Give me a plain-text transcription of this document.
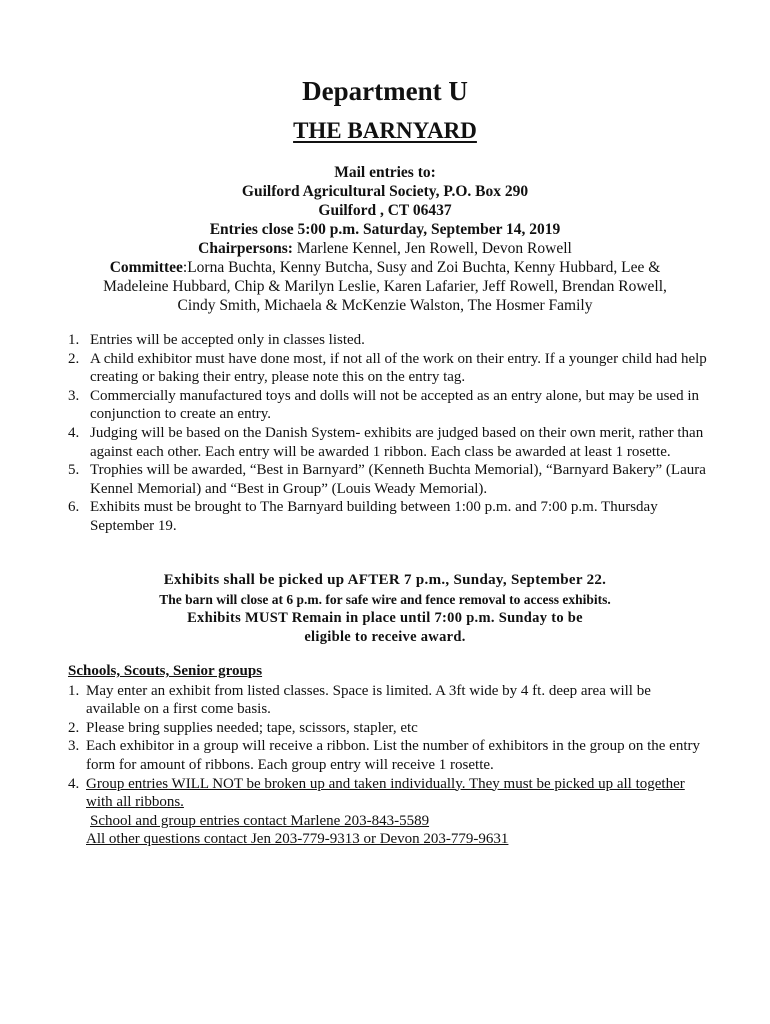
Department U
THE BARNYARD
Mail entries to:
Guilford Agricultural Society, P.O. Box 290
Guilford , CT 06437
Entries close 5:00 p.m. Saturday, September 14, 2019
Chairpersons: Marlene Kennel, Jen Rowell, Devon Rowell
Committee:Lorna Buchta, Kenny Butcha, Susy and Zoi Buchta, Kenny Hubbard, Lee &
Madeleine Hubbard, Chip & Marilyn Leslie, Karen Lafarier, Jeff Rowell, Brendan Rowell,
Cindy Smith, Michaela & McKenzie Walston, The Hosmer Family
1. Entries will be accepted only in classes listed.
2. A child exhibitor must have done most, if not all of the work on their entry. If a younger child had help creating or baking their entry, please note this on the entry tag.
3. Commercially manufactured toys and dolls will not be accepted as an entry alone, but may be used in conjunction to create an entry.
4. Judging will be based on the Danish System- exhibits are judged based on their own merit, rather than against each other. Each entry will be awarded 1 ribbon. Each class be awarded at least 1 rosette.
5. Trophies will be awarded, “Best in Barnyard” (Kenneth Buchta Memorial), “Barnyard Bakery” (Laura Kennel Memorial) and “Best in Group” (Louis Weady Memorial).
6. Exhibits must be brought to The Barnyard building between 1:00 p.m. and 7:00 p.m. Thursday September 19.
Exhibits shall be picked up AFTER 7 p.m., Sunday, September 22.
The barn will close at 6 p.m. for safe wire and fence removal to access exhibits.
Exhibits MUST Remain in place until 7:00 p.m. Sunday to be
eligible to receive award.
Schools, Scouts, Senior groups
1. May enter an exhibit from listed classes. Space is limited. A 3ft wide by 4 ft. deep area will be available on a first come basis.
2. Please bring supplies needed; tape, scissors, stapler, etc
3. Each exhibitor in a group will receive a ribbon. List the number of exhibitors in the group on the entry form for amount of ribbons. Each group entry will receive 1 rosette.
4. Group entries WILL NOT be broken up and taken individually. They must be picked up all together with all ribbons.
School and group entries contact Marlene 203-843-5589
All other questions contact Jen 203-779-9313 or Devon 203-779-9631
